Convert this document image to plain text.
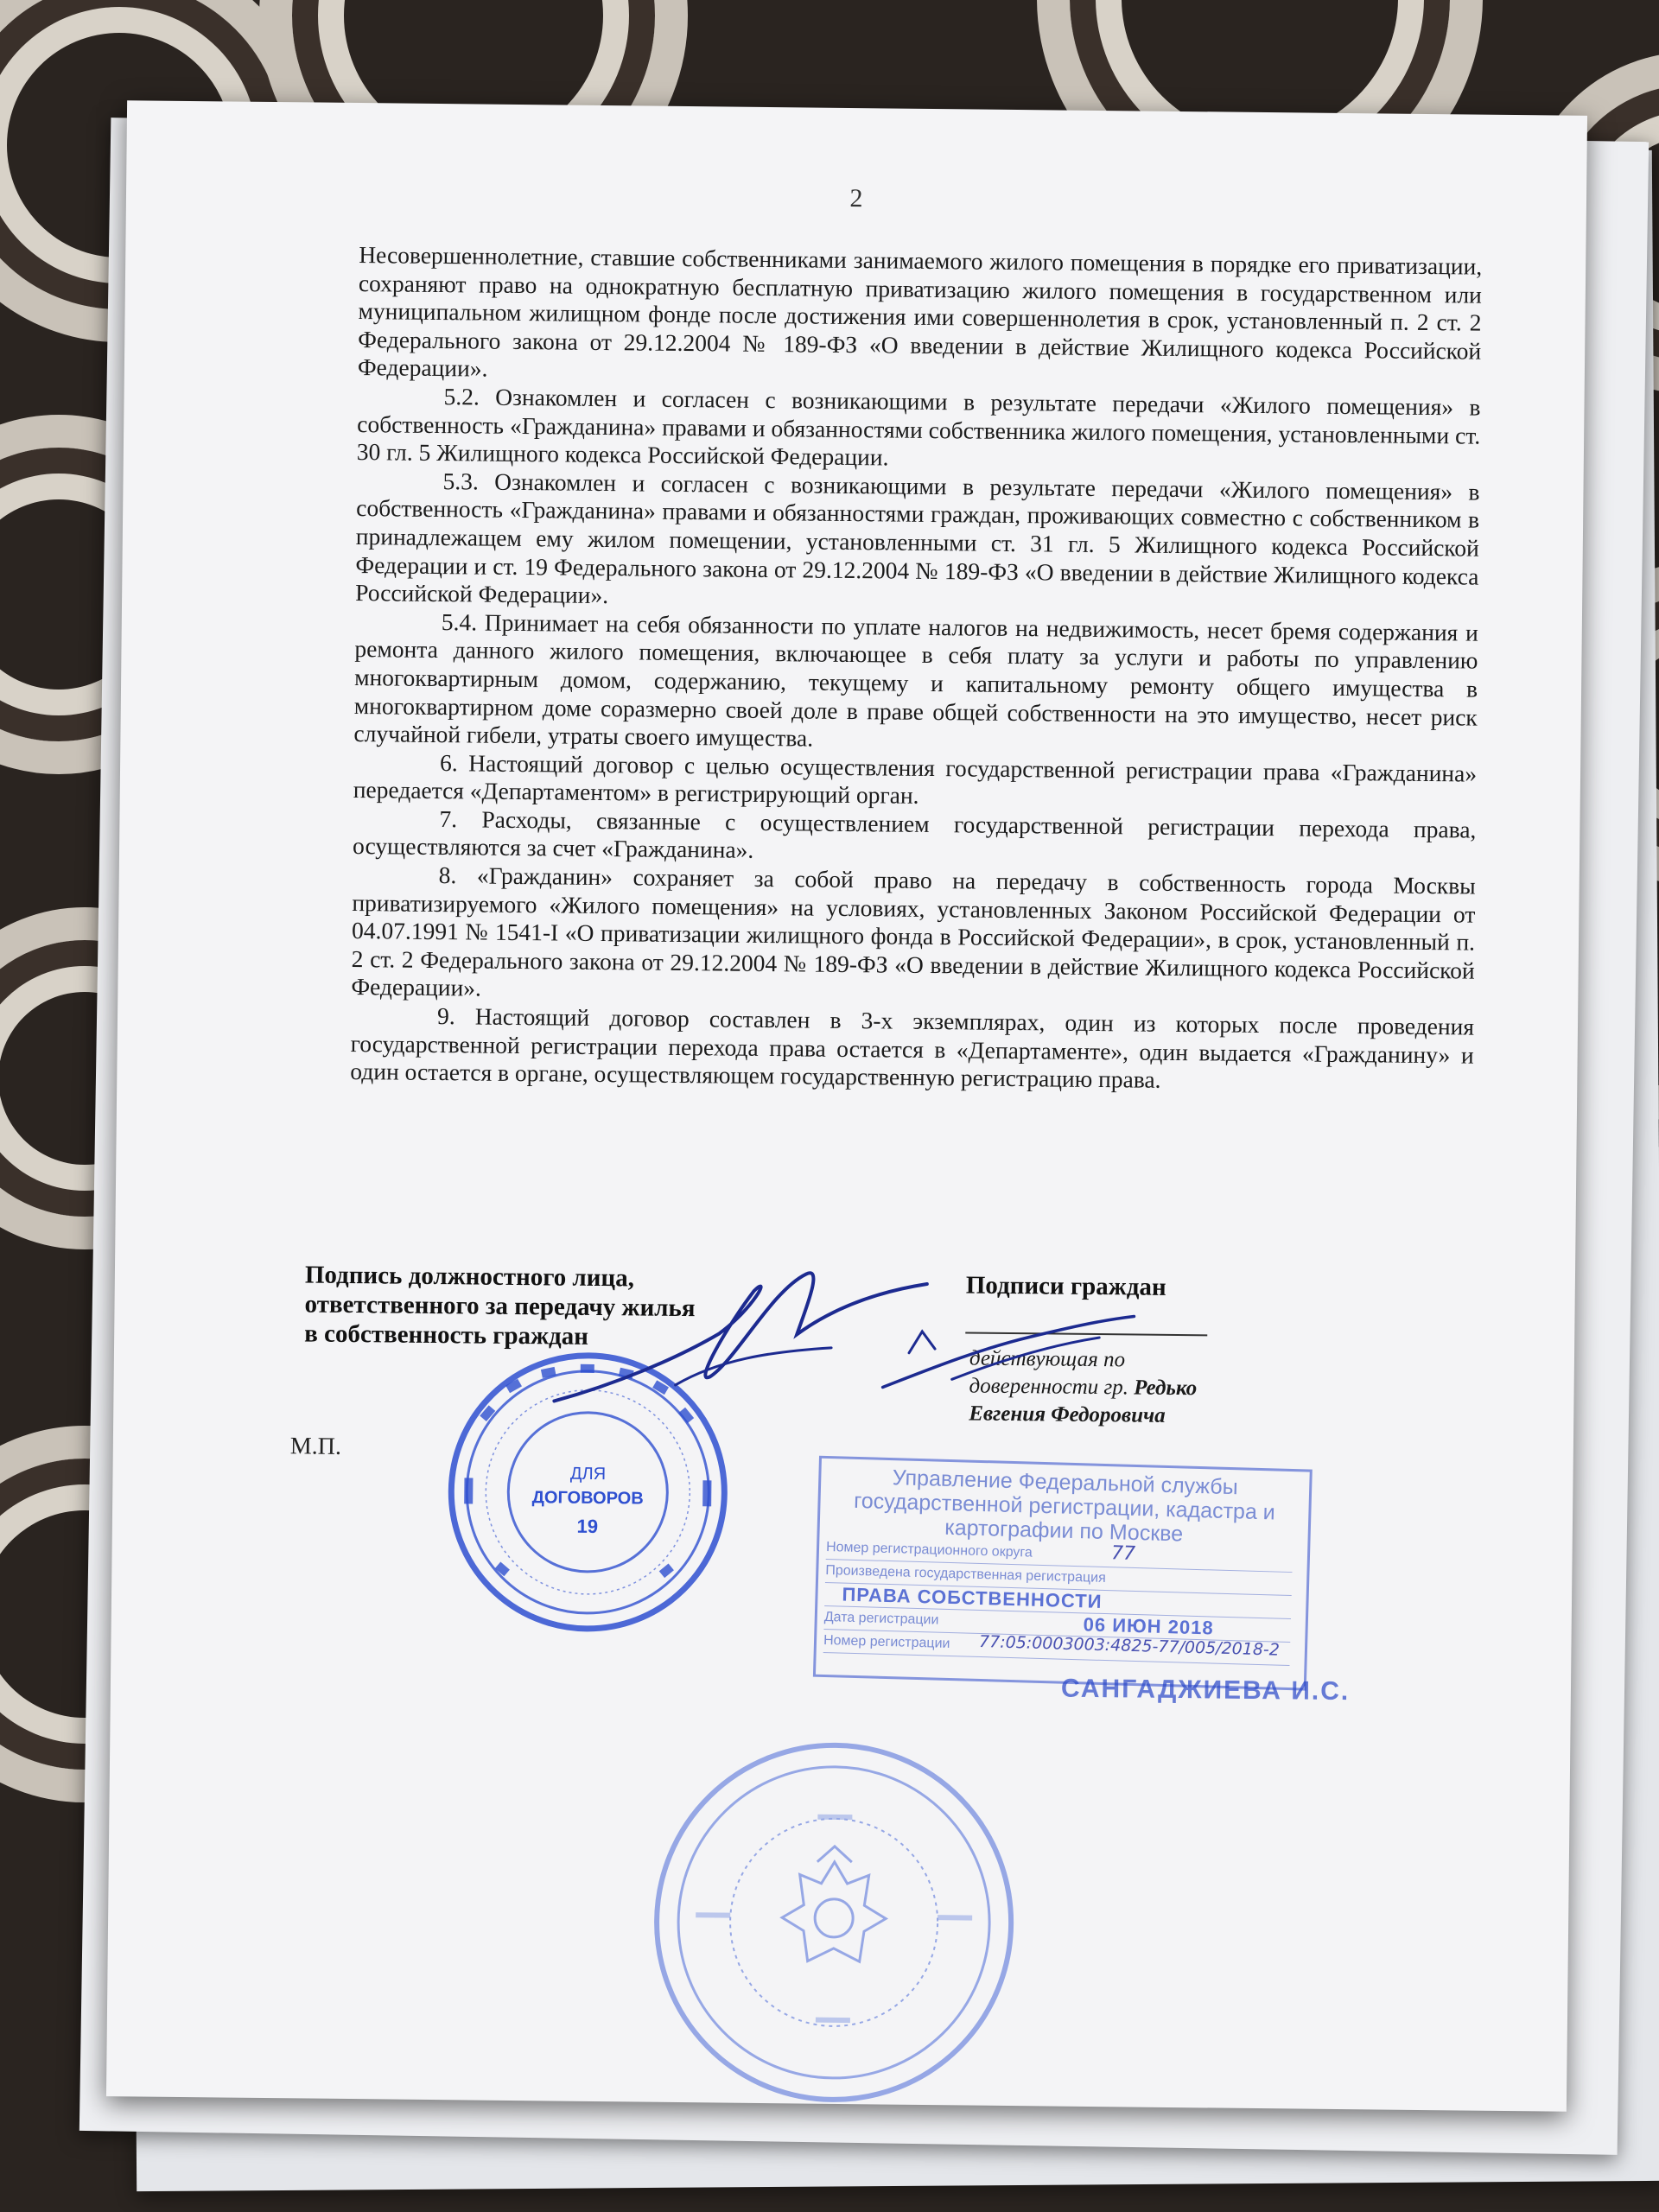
2

Несовершеннолетние, ставшие собственниками занимаемого жилого помещения в порядке его приватизации, сохраняют право на однократную бесплатную приватизацию жилого помещения в государственном или муниципальном жилищном фонде после достижения ими совершеннолетия в срок, установленный п. 2 ст. 2 Федерального закона от 29.12.2004 № 189-ФЗ «О введении в действие Жилищного кодекса Российской Федерации».

5.2. Ознакомлен и согласен с возникающими в результате передачи «Жилого помещения» в собственность «Гражданина» правами и обязанностями собственника жилого помещения, установленными ст. 30 гл. 5 Жилищного кодекса Российской Федерации.

5.3. Ознакомлен и согласен с возникающими в результате передачи «Жилого помещения» в собственность «Гражданина» правами и обязанностями граждан, проживающих совместно с собственником в принадлежащем ему жилом помещении, установленными ст. 31 гл. 5 Жилищного кодекса Российской Федерации и ст. 19 Федерального закона от 29.12.2004 № 189-ФЗ «О введении в действие Жилищного кодекса Российской Федерации».

5.4. Принимает на себя обязанности по уплате налогов на недвижимость, несет бремя содержания и ремонта данного жилого помещения, включающее в себя плату за услуги и работы по управлению многоквартирным домом, содержанию, текущему и капитальному ремонту общего имущества в многоквартирном доме соразмерно своей доле в праве общей собственности на это имущество, несет риск случайной гибели, утраты своего имущества.

6. Настоящий договор с целью осуществления государственной регистрации права «Гражданина» передается «Департаментом» в регистрирующий орган.

7. Расходы, связанные с осуществлением государственной регистрации перехода права, осуществляются за счет «Гражданина».

8. «Гражданин» сохраняет за собой право на передачу в собственность города Москвы приватизируемого «Жилого помещения» на условиях, установленных Законом Российской Федерации от 04.07.1991 № 1541-I «О приватизации жилищного фонда в Российской Федерации», в срок, установленный п. 2 ст. 2 Федерального закона от 29.12.2004 № 189-ФЗ «О введении в действие Жилищного кодекса Российской Федерации».

9. Настоящий договор составлен в 3-х экземплярах, один из которых после проведения государственной регистрации перехода права остается в «Департаменте», один выдается «Гражданину» и один остается в органе, осуществляющем государственную регистрацию права.

Подпись должностного лица,
ответственного за передачу жилья
в собственность граждан
Подписи граждан
действующая по
доверенности гр. Редько
Евгения Федоровича
М.П.
ДЛЯ
ДОГОВОРОВ
19
Управление Федеральной службы государственной регистрации, кадастра и картографии по Москве
Номер регистрационного округа	77
Произведена государственная регистрация
ПРАВА СОБСТВЕННОСТИ
Дата регистрации	06 ИЮН 2018
Номер регистрации 77:05:0003003:4825-77/005/2018-2
САНГАДЖИЕВА И.С.
